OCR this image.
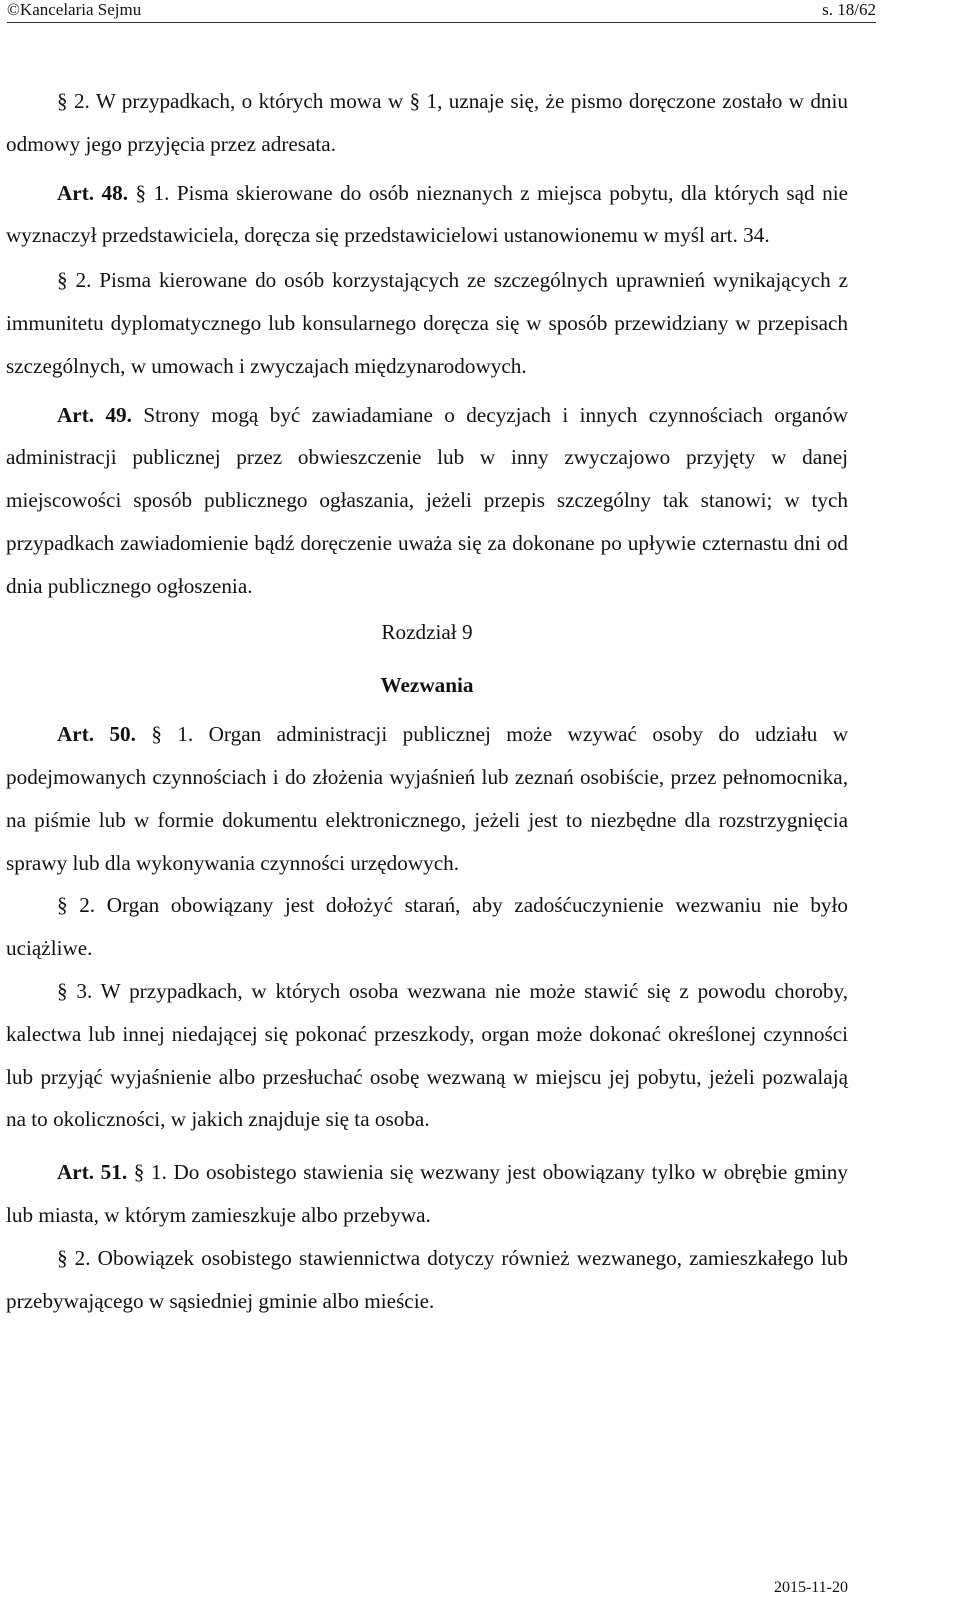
©Kancelaria Sejmu	s. 18/62

§ 2. W przypadkach, o których mowa w § 1, uznaje się, że pismo doręczone zostało w dniu odmowy jego przyjęcia przez adresata.

Art. 48. § 1. Pisma skierowane do osób nieznanych z miejsca pobytu, dla których sąd nie wyznaczył przedstawiciela, doręcza się przedstawicielowi ustanowionemu w myśl art. 34.

§ 2. Pisma kierowane do osób korzystających ze szczególnych uprawnień wynikających z immunitetu dyplomatycznego lub konsularnego doręcza się w sposób przewidziany w przepisach szczególnych, w umowach i zwyczajach międzynarodowych.

Art. 49. Strony mogą być zawiadamiane o decyzjach i innych czynnościach organów administracji publicznej przez obwieszczenie lub w inny zwyczajowo przyjęty w danej miejscowości sposób publicznego ogłaszania, jeżeli przepis szczególny tak stanowi; w tych przypadkach zawiadomienie bądź doręczenie uważa się za dokonane po upływie czternastu dni od dnia publicznego ogłoszenia.

Rozdział 9

Wezwania

Art. 50. § 1. Organ administracji publicznej może wzywać osoby do udziału w podejmowanych czynnościach i do złożenia wyjaśnień lub zeznań osobiście, przez pełnomocnika, na piśmie lub w formie dokumentu elektronicznego, jeżeli jest to niezbędne dla rozstrzygnięcia sprawy lub dla wykonywania czynności urzędowych.

§ 2. Organ obowiązany jest dołożyć starań, aby zadośćuczynienie wezwaniu nie było uciążliwe.

§ 3. W przypadkach, w których osoba wezwana nie może stawić się z powodu choroby, kalectwa lub innej niedającej się pokonać przeszkody, organ może dokonać określonej czynności lub przyjąć wyjaśnienie albo przesłuchać osobę wezwaną w miejscu jej pobytu, jeżeli pozwalają na to okoliczności, w jakich znajduje się ta osoba.

Art. 51. § 1. Do osobistego stawienia się wezwany jest obowiązany tylko w obrębie gminy lub miasta, w którym zamieszkuje albo przebywa.

§ 2. Obowiązek osobistego stawiennictwa dotyczy również wezwanego, zamieszkałego lub przebywającego w sąsiedniej gminie albo mieście.

2015-11-20
